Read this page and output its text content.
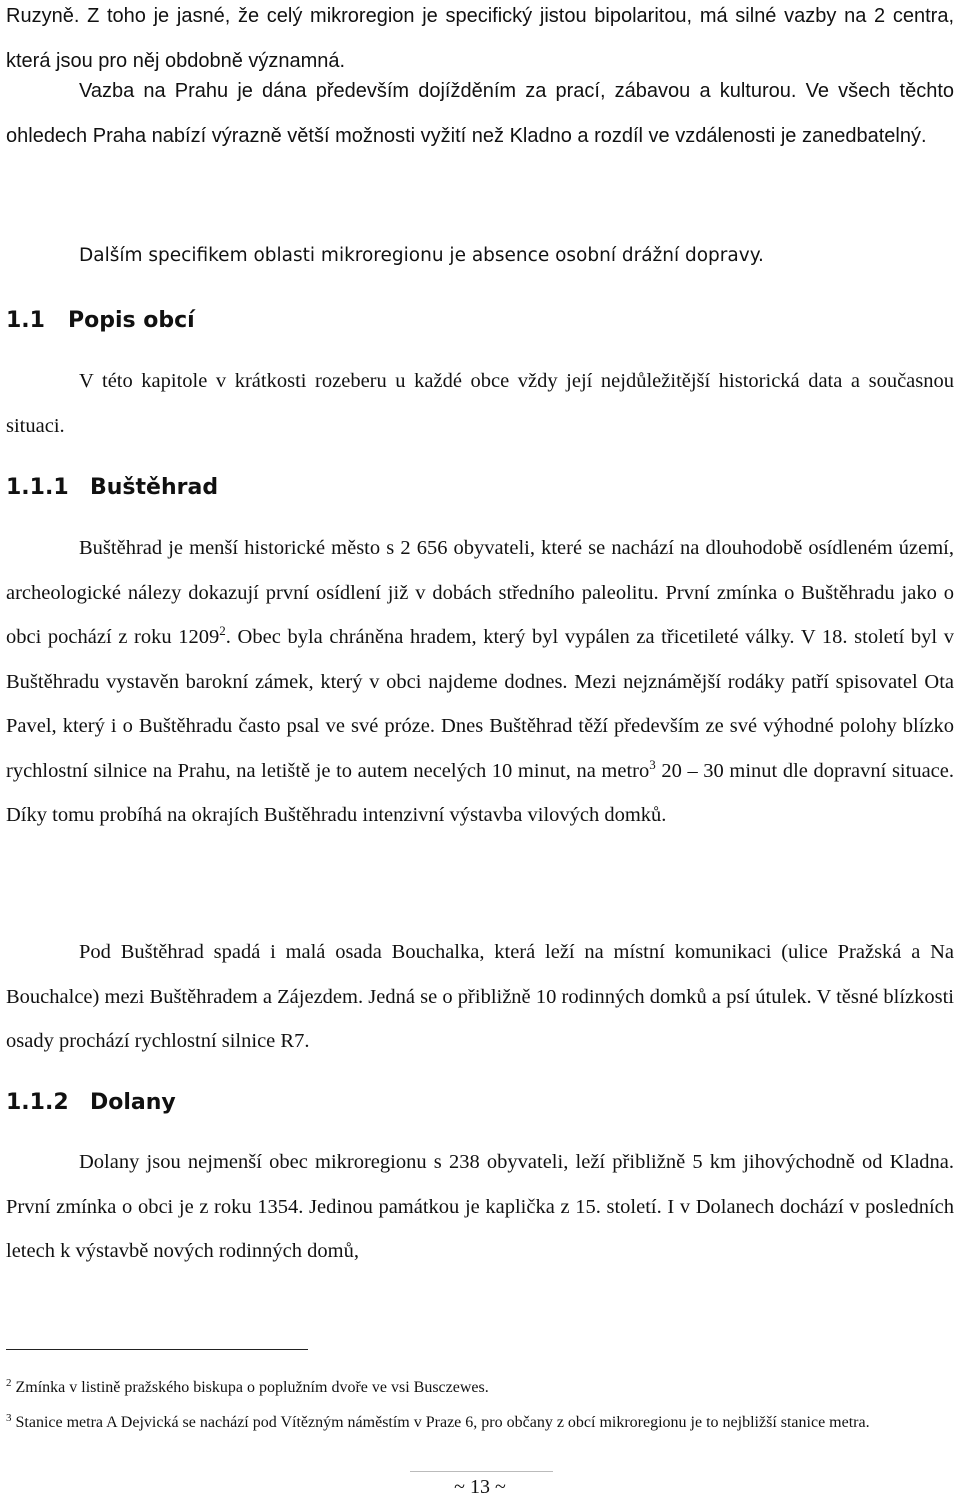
Ruzyně. Z toho je jasné, že celý mikroregion je specifický jistou bipolaritou, má silné vazby na 2 centra, která jsou pro něj obdobně významná.
Vazba na Prahu je dána především dojížděním za prací, zábavou a kulturou. Ve všech těchto ohledech Praha nabízí výrazně větší možnosti vyžití než Kladno a rozdíl ve vzdálenosti je zanedbatelný.
Dalším specifikem oblasti mikroregionu je absence osobní drážní dopravy.
1.1 Popis obcí
V této kapitole v krátkosti rozeberu u každé obce vždy její nejdůležitější historická data a současnou situaci.
1.1.1 Buštěhrad
Buštěhrad je menší historické město s 2 656 obyvateli, které se nachází na dlouhodobě osídleném území, archeologické nálezy dokazují první osídlení již v dobách středního paleolitu. První zmínka o Buštěhradu jako o obci pochází z roku 1209$^2$. Obec byla chráněna hradem, který byl vypálen za třicetileté války. V 18. století byl v Buštěhradu vystavěn barokní zámek, který v obci najdeme dodnes. Mezi nejznámější rodáky patří spisovatel Ota Pavel, který i o Buštěhradu často psal ve své próze. Dnes Buštěhrad těží především ze své výhodné polohy blízko rychlostní silnice na Prahu, na letiště je to autem necelých 10 minut, na metro$^3$ 20 – 30 minut dle dopravní situace. Díky tomu probíhá na okrajích Buštěhradu intenzivní výstavba vilových domků.
Pod Buštěhrad spadá i malá osada Bouchalka, která leží na místní komunikaci (ulice Pražská a Na Bouchalce) mezi Buštěhradem a Zájezdem. Jedná se o přibližně 10 rodinných domků a psí útulek. V těsné blízkosti osady prochází rychlostní silnice R7.
1.1.2 Dolany
Dolany jsou nejmenší obec mikroregionu s 238 obyvateli, leží přibližně 5 km jihovýchodně od Kladna. První zmínka o obci je z roku 1354. Jedinou památkou je kaplička z 15. století. I v Dolanech dochází v posledních letech k výstavbě nových rodinných domů,
$^2$ Zmínka v listině pražského biskupa o poplužním dvoře ve vsi Busczewes.
$^3$ Stanice metra A Dejvická se nachází pod Vítězným náměstím v Praze 6, pro občany z obcí mikroregionu je to nejbližší stanice metra.
~ 13 ~
